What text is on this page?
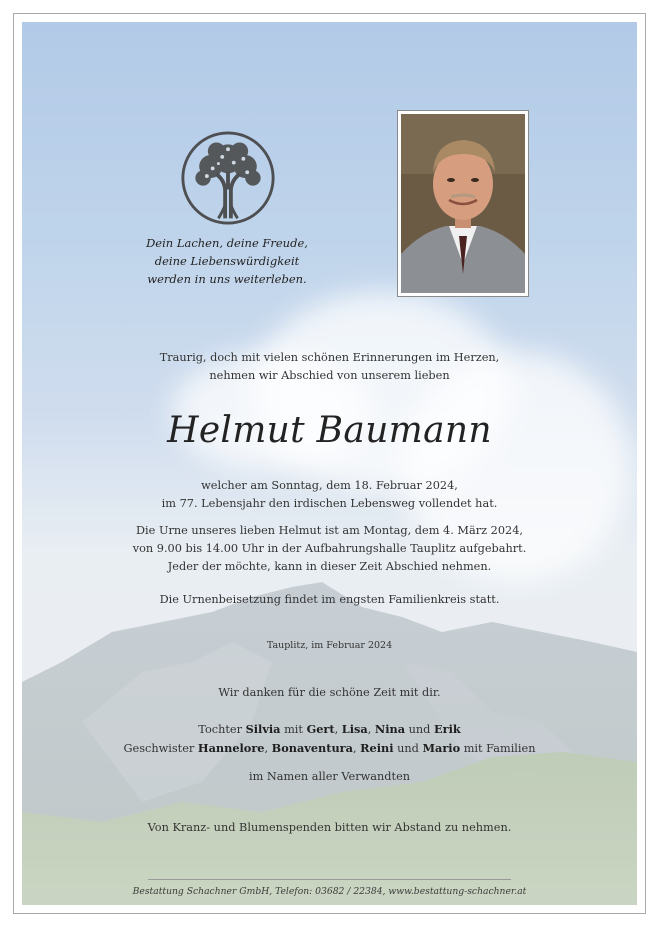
Dein Lachen, deine Freude,
deine Liebenswürdigkeit
werden in uns weiterleben.
Traurig, doch mit vielen schönen Erinnerungen im Herzen,
nehmen wir Abschied von unserem lieben
Helmut Baumann
welcher am Sonntag, dem 18. Februar 2024,
im 77. Lebensjahr den irdischen Lebensweg vollendet hat.
Die Urne unseres lieben Helmut ist am Montag, dem 4. März 2024,
von 9.00 bis 14.00 Uhr in der Aufbahrungshalle Tauplitz aufgebahrt.
Jeder der möchte, kann in dieser Zeit Abschied nehmen.
Die Urnenbeisetzung findet im engsten Familienkreis statt.
Tauplitz, im Februar 2024
Wir danken für die schöne Zeit mit dir.
Tochter Silvia mit Gert, Lisa, Nina und Erik
Geschwister Hannelore, Bonaventura, Reini und Mario mit Familien
im Namen aller Verwandten
Von Kranz- und Blumenspenden bitten wir Abstand zu nehmen.
Bestattung Schachner GmbH, Telefon: 03682 / 22384, www.bestattung-schachner.at
